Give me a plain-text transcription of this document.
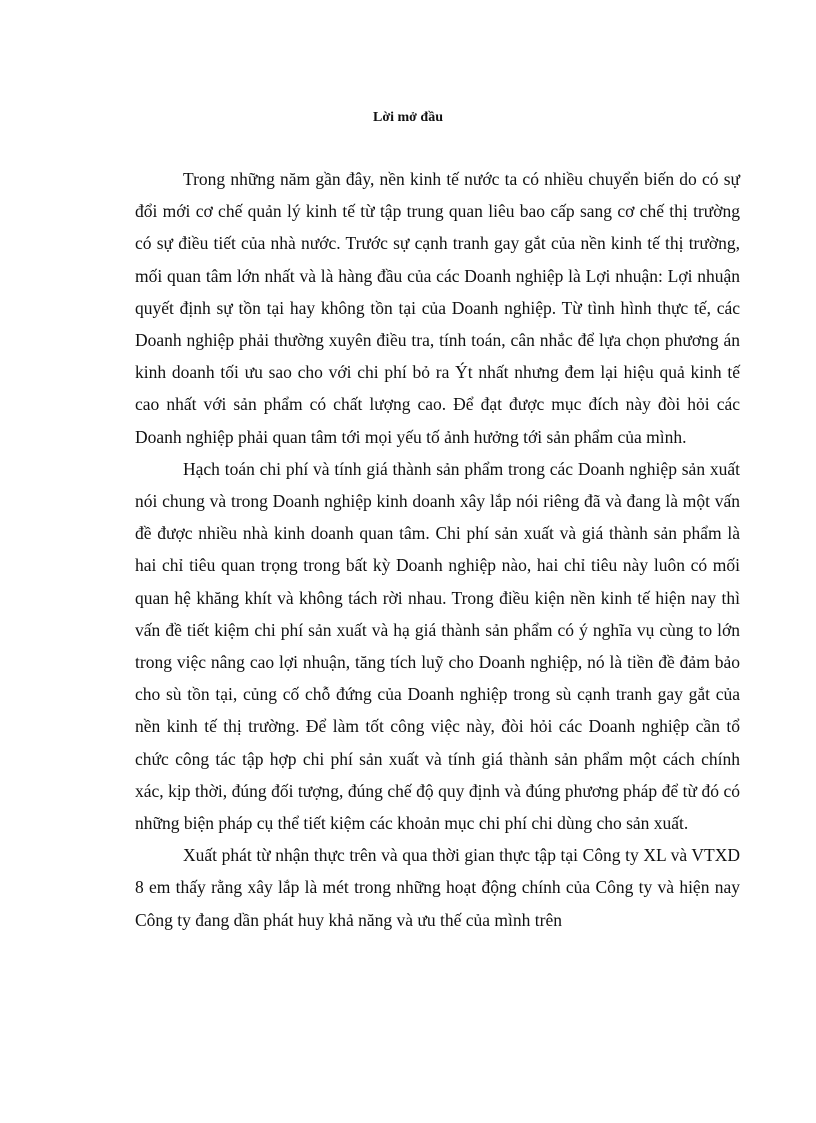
Lời mở đầu

Trong những năm gần đây, nền kinh tế nước ta có nhiều chuyển biến do có sự đổi mới cơ chế quản lý kinh tế từ tập trung quan liêu bao cấp sang cơ chế thị trường có sự điều tiết của nhà nước. Trước sự cạnh tranh gay gắt của nền kinh tế thị trường, mối quan tâm lớn nhất và là hàng đầu của các Doanh nghiệp là Lợi nhuận: Lợi nhuận quyết định sự tồn tại hay không tồn tại của Doanh nghiệp. Từ tình hình thực tế, các Doanh nghiệp phải thường xuyên điều tra, tính toán, cân nhắc để lựa chọn phương án kinh doanh tối ưu sao cho với chi phí bỏ ra Ýt nhất nhưng đem lại hiệu quả kinh tế cao nhất với sản phẩm có chất lượng cao. Để đạt được mục đích này đòi hỏi các Doanh nghiệp phải quan tâm tới mọi yếu tố ảnh hưởng tới sản phẩm của mình.

Hạch toán chi phí và tính giá thành sản phẩm trong các Doanh nghiệp sản xuất nói chung và trong Doanh nghiệp kinh doanh xây lắp nói riêng đã và đang là một vấn đề được nhiều nhà kinh doanh quan tâm. Chi phí sản xuất và giá thành sản phẩm là hai chỉ tiêu quan trọng trong bất kỳ Doanh nghiệp nào, hai chỉ tiêu này luôn có mối quan hệ khăng khít và không tách rời nhau. Trong điều kiện nền kinh tế hiện nay thì vấn đề tiết kiệm chi phí sản xuất và hạ giá thành sản phẩm có ý nghĩa vụ cùng to lớn trong việc nâng cao lợi nhuận, tăng tích luỹ cho Doanh nghiệp, nó là tiền đề đảm bảo cho sù tồn tại, củng cố chỗ đứng của Doanh nghiệp trong sù cạnh tranh gay gắt của nền kinh tế thị trường. Để làm tốt công việc này, đòi hỏi các Doanh nghiệp cần tổ chức công tác tập hợp chi phí sản xuất và tính giá thành sản phẩm một cách chính xác, kịp thời, đúng đối tượng, đúng chế độ quy định và đúng phương pháp để từ đó có những biện pháp cụ thể tiết kiệm các khoản mục chi phí chi dùng cho sản xuất.

Xuất phát từ nhận thực trên và qua thời gian thực tập tại Công ty XL và VTXD 8 em thấy rằng xây lắp là mét trong những hoạt động chính của Công ty và hiện nay Công ty đang dần phát huy khả năng và ưu thế của mình trên
